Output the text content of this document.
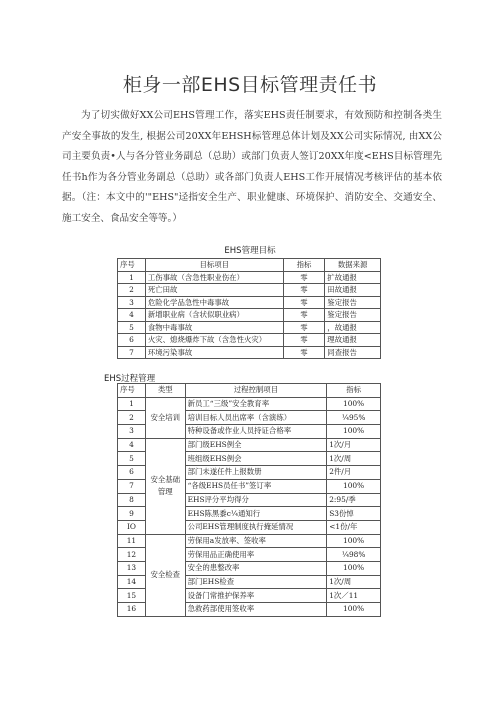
柜身一部EHS目标管理责任书
为了切实做好XX公司EHS管理工作，落实EHS责任制要求，有效预防和控制各类生产安全事故的发生, 根据公司20XX年EHSH标管理总体计划及XX公司实际情况, 由XX公司主要负责•人与各分管业务副总（总助）或部门负责人签订20XX年度<EHS目标管理先任书h作为各分管业务副总（总助）或各部门负责人EHS工作开展情况考核评估的基本依据。（注：本文中的'"EHS"迳指安全生产、职业健康、环境保护、消防安全、交通安全、施工安全、食品安全等等。）
EHS管理目标
序号	目标项目	指标	数据来源
1	工伤事故（含急性职业伤在）	零	扩故通报
2	死亡田故	零	田故通报
3	危险化学品急性中毒事故	零	鉴定报告
4	新增职业病（含状似职业病）	零	鉴定报告
5	食物中毒事故	零	，故通报
6	火灾、熄烧爆炸下故（含急性火灾）	零	理故通报
7	环境污染事故	零	同查报告
EHS过程管理
序号	类型	过程控制项目	指标
1	安全培训	新员工“三级”安全教育率	100%
2		培训目标人员出席率（含演练）	¼95%
3		特种设备或作业人员持证合格率	100%
4	安全基础管理	部门级EHS例全	1次/月
5		班组级EHS例会	1次/周
6		部门未遂任件上报数册	2件/月
7		“各级EHS员任书”签订率	100%
8		EHS评分平均得分	2:95/季
9		EHS陈黑黍c¼通知行	S3份悼
IO		公司EHS管理制度执行掩延情况	<1份/年
11	安全检查	劳保用a发放率、签收率	100%
12		劳保用品正确使用率	¼98%
13		安全的患整改率	100%
14		部门EHS检查	1次/周
15		设备门常推护保养率	1次／11
16		急救药部使用签收率	100%
